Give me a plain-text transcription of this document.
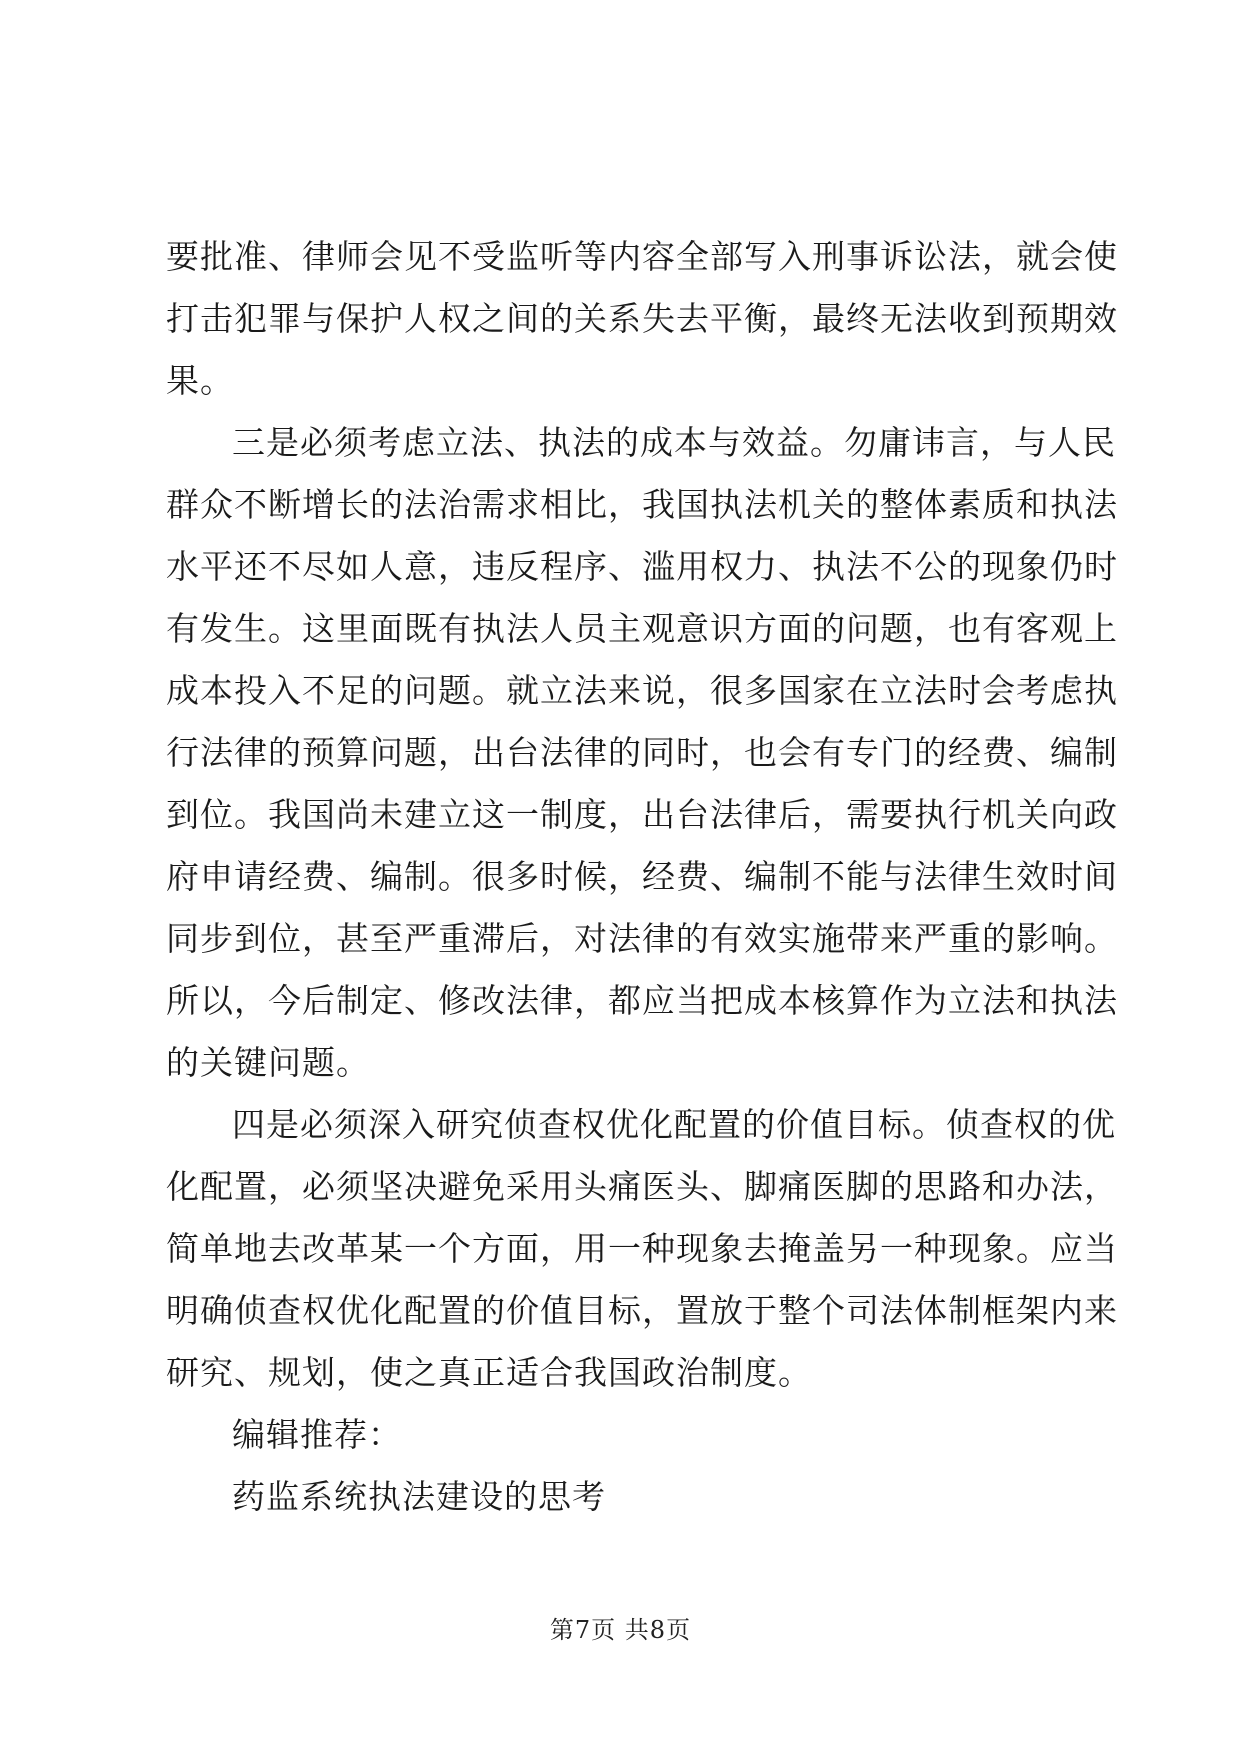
要批准、律师会见不受监听等内容全部写入刑事诉讼法，就会使
打击犯罪与保护人权之间的关系失去平衡，最终无法收到预期效
果。
三是必须考虑立法、执法的成本与效益。勿庸讳言，与人民
群众不断增长的法治需求相比，我国执法机关的整体素质和执法
水平还不尽如人意，违反程序、滥用权力、执法不公的现象仍时
有发生。这里面既有执法人员主观意识方面的问题，也有客观上
成本投入不足的问题。就立法来说，很多国家在立法时会考虑执
行法律的预算问题，出台法律的同时，也会有专门的经费、编制
到位。我国尚未建立这一制度，出台法律后，需要执行机关向政
府申请经费、编制。很多时候，经费、编制不能与法律生效时间
同步到位，甚至严重滞后，对法律的有效实施带来严重的影响。
所以，今后制定、修改法律，都应当把成本核算作为立法和执法
的关键问题。
四是必须深入研究侦查权优化配置的价值目标。侦查权的优
化配置，必须坚决避免采用头痛医头、脚痛医脚的思路和办法，
简单地去改革某一个方面，用一种现象去掩盖另一种现象。应当
明确侦查权优化配置的价值目标，置放于整个司法体制框架内来
研究、规划，使之真正适合我国政治制度。
编辑推荐：
药监系统执法建设的思考
第7页 共8页
